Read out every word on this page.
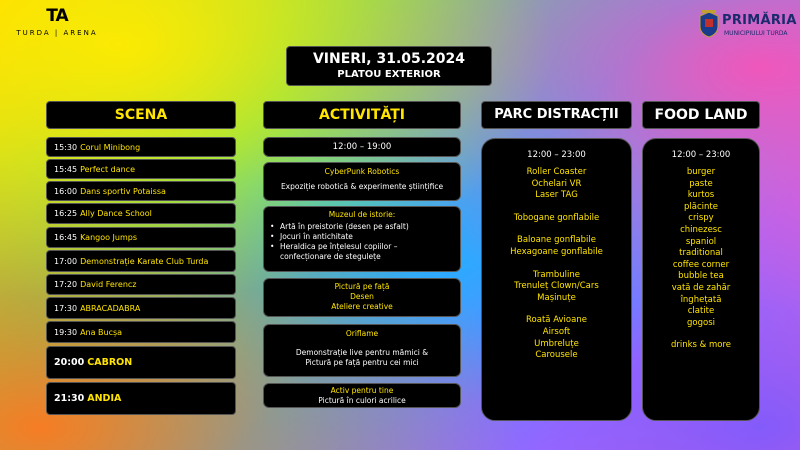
TA
TURDA | ARENA
PRIMĂRIA
MUNICIPIULUI TURDA
VINERI, 31.05.2024
PLATOU EXTERIOR
SCENA	ACTIVITĂȚI	PARC DISTRACȚII	FOOD LAND
15:30 Corul Minibong
15:45 Perfect dance
16:00 Dans sportiv Potaissa
16:25 Ally Dance School
16:45 Kangoo Jumps
17:00 Demonstrație Karate Club Turda
17:20 David Ferencz
17:30 ABRACADABRA
19:30 Ana Bucșa
20:00 CABRON
21:30 ANDIA
12:00 – 19:00
CyberPunk Robotics
Expoziție robotică & experimente științifice
Muzeul de istorie:
• Artă în preistorie (desen pe asfalt)
• Jocuri în antichitate
• Heraldica pe înțelesul copiilor –
confecționare de stegulețe
Pictură pe față
Desen
Ateliere creative
Oriflame
Demonstrație live pentru mămici &
Pictură pe față pentru cei mici
Activ pentru tine
Pictură în culori acrilice
12:00 – 23:00
Roller Coaster
Ochelari VR
Laser TAG
Tobogane gonflabile
Baloane gonflabile
Hexagoane gonflabile
Trambuline
Trenuleț Clown/Cars
Mașinuțe
Roată Avioane
Airsoft
Umbreluțe
Carousele
12:00 – 23:00
burger
paste
kurtos
plăcinte
crispy
chinezesc
spaniol
traditional
coffee corner
bubble tea
vată de zahăr
înghețată
clatite
gogosi
drinks & more
